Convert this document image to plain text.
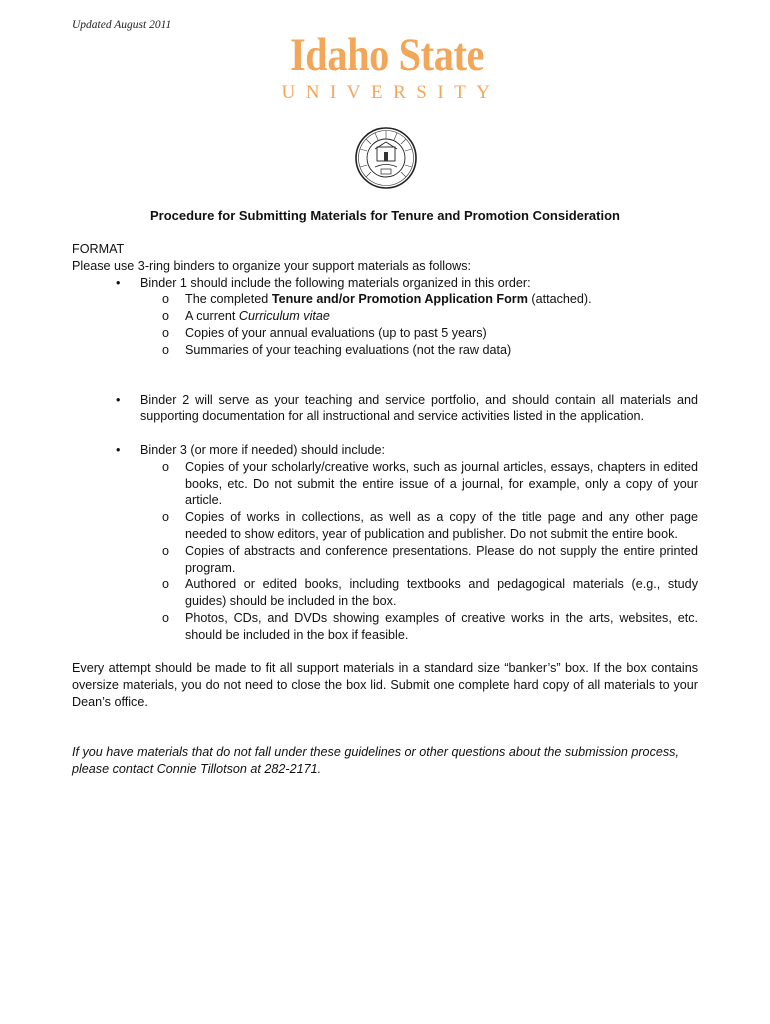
Updated August 2011
Idaho State
UNIVERSITY
Procedure for Submitting Materials for Tenure and Promotion Consideration

FORMAT

Please use 3-ring binders to organize your support materials as follows:

• Binder 1 should include the following materials organized in this order:
o The completed Tenure and/or Promotion Application Form (attached).
o A current Curriculum vitae
o Copies of your annual evaluations (up to past 5 years)
o Summaries of your teaching evaluations (not the raw data)
• Binder 2 will serve as your teaching and service portfolio, and should contain all materials and supporting documentation for all instructional and service activities listed in the application.
• Binder 3 (or more if needed) should include:
o Copies of your scholarly/creative works, such as journal articles, essays, chapters in edited books, etc. Do not submit the entire issue of a journal, for example, only a copy of your article.
o Copies of works in collections, as well as a copy of the title page and any other page needed to show editors, year of publication and publisher. Do not submit the entire book.
o Copies of abstracts and conference presentations. Please do not supply the entire printed program.
o Authored or edited books, including textbooks and pedagogical materials (e.g., study guides) should be included in the box.
o Photos, CDs, and DVDs showing examples of creative works in the arts, websites, etc. should be included in the box if feasible.

Every attempt should be made to fit all support materials in a standard size “banker’s” box. If the box contains oversize materials, you do not need to close the box lid. Submit one complete hard copy of all materials to your Dean’s office.

If you have materials that do not fall under these guidelines or other questions about the submission process, please contact Connie Tillotson at 282-2171.
